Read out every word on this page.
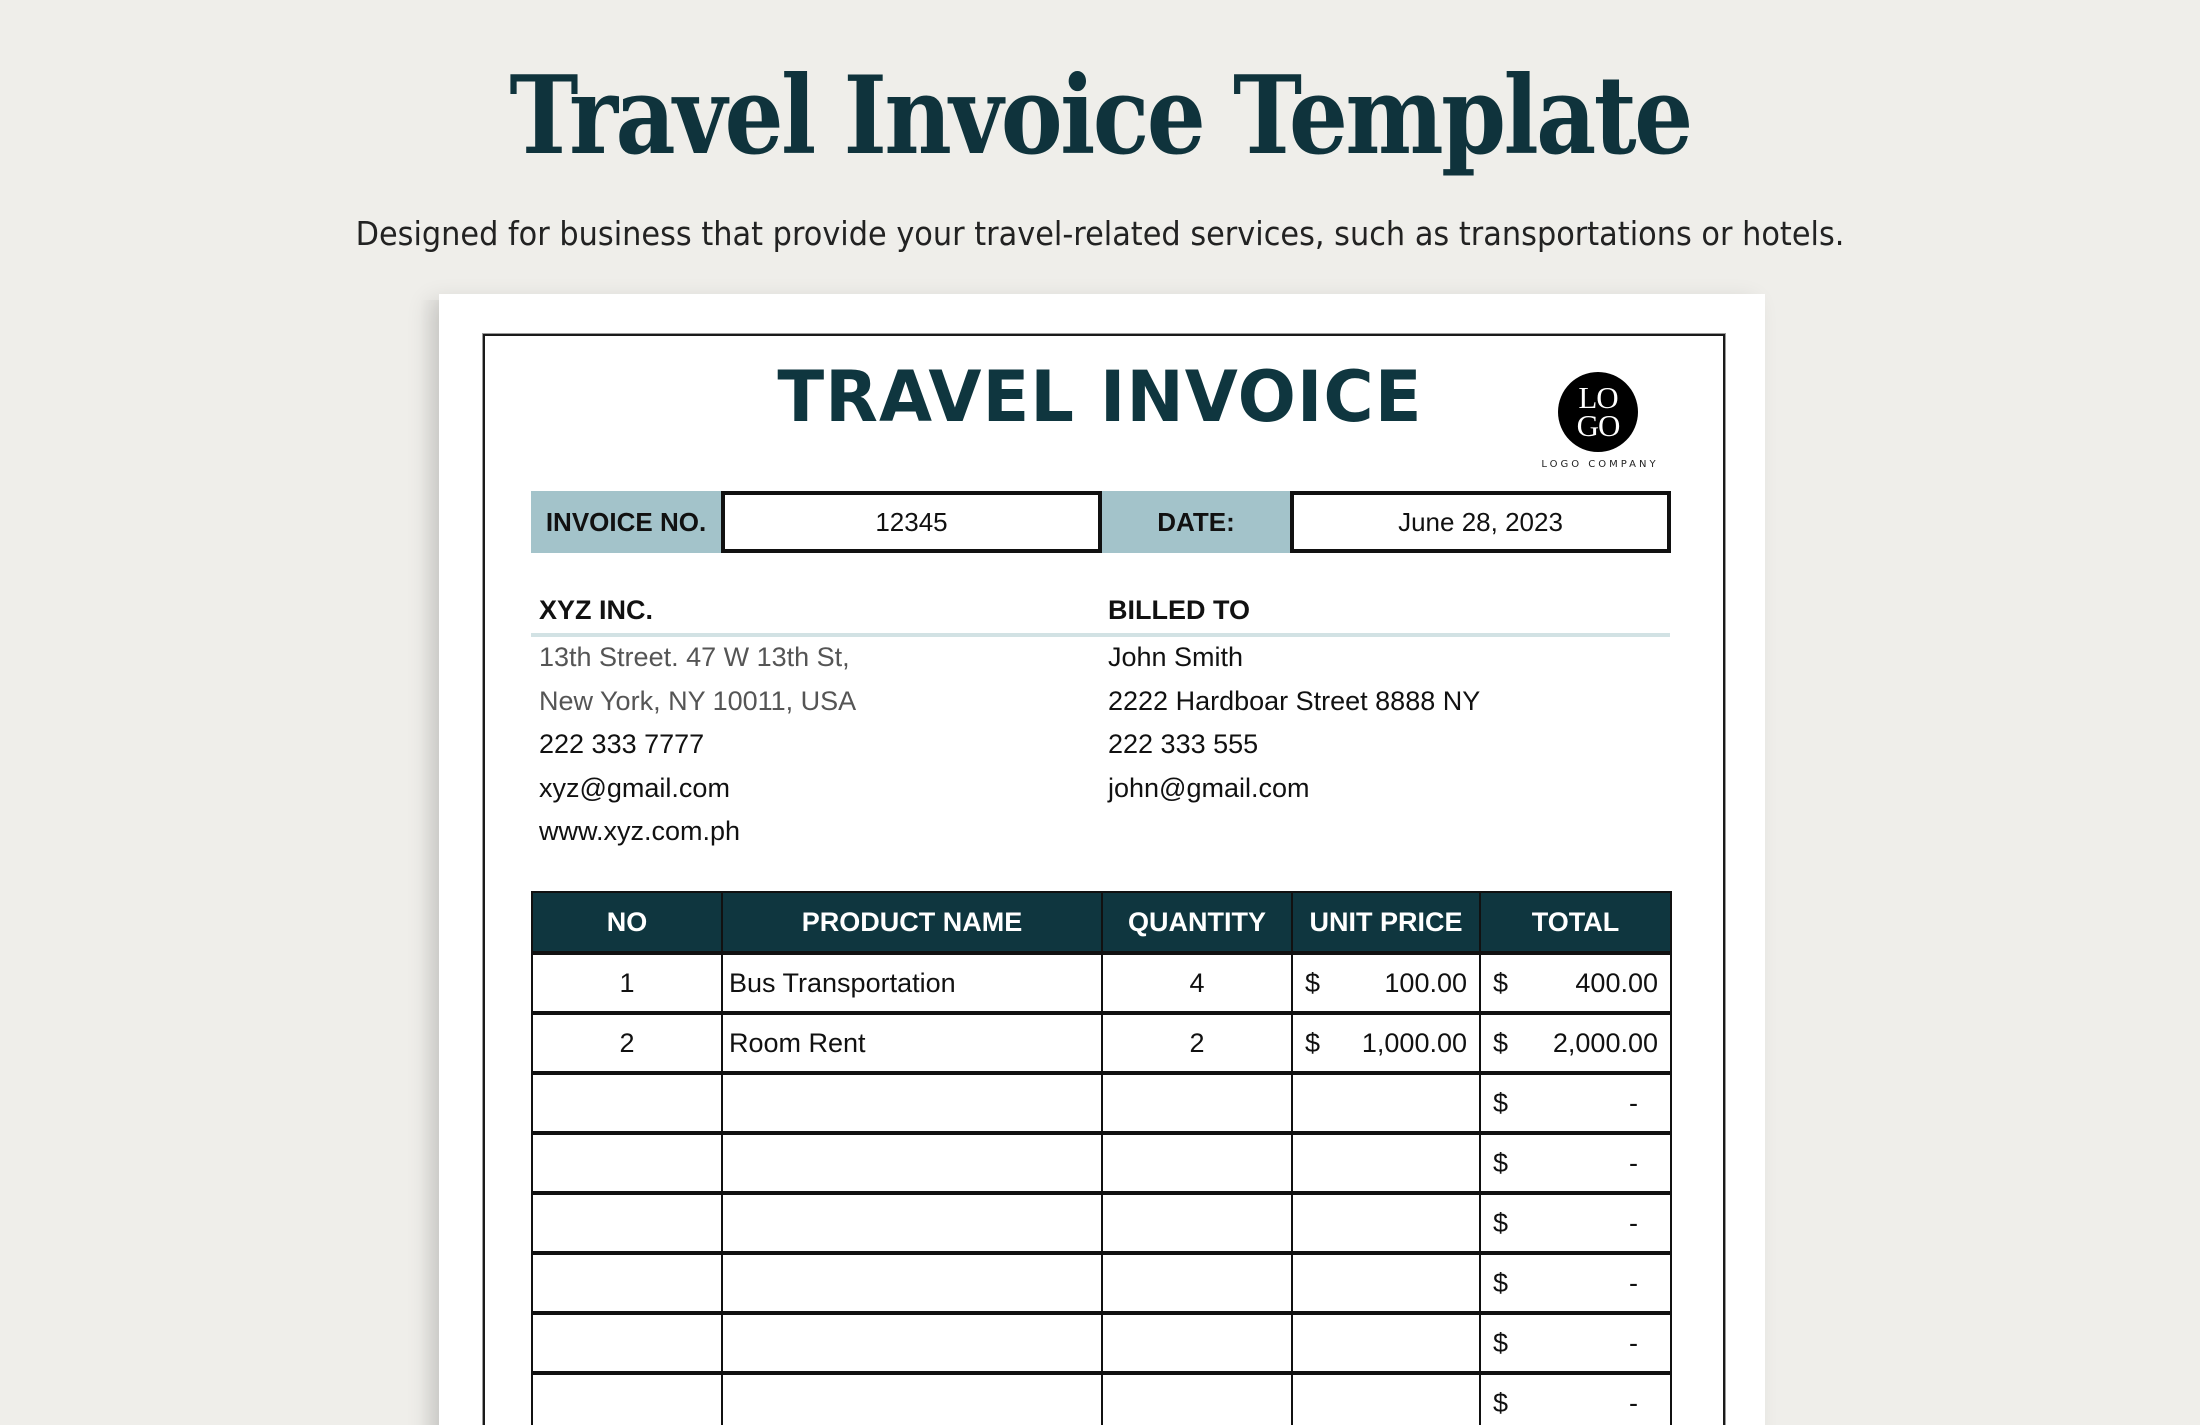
Travel Invoice Template

Designed for business that provide your travel-related services, such as transportations or hotels.

TRAVEL INVOICE	LO
GO
LOGO COMPANY
INVOICE NO.	12345	DATE:	June 28, 2023
XYZ INC.
13th Street. 47 W 13th St,
New York, NY 10011, USA
222 333 7777
xyz@gmail.com
www.xyz.com.ph
BILLED TO
John Smith
2222 Hardboar Street 8888 NY
222 333 555
john@gmail.com
NO	PRODUCT NAME	QUANTITY	UNIT PRICE	TOTAL
1	Bus Transportation	4	$ 100.00	$ 400.00

2	Room Rent	2	$ 1,000.00	$ 2,000.00

				$ -

				$ -

				$ -

				$ -

				$ -

				$ -
